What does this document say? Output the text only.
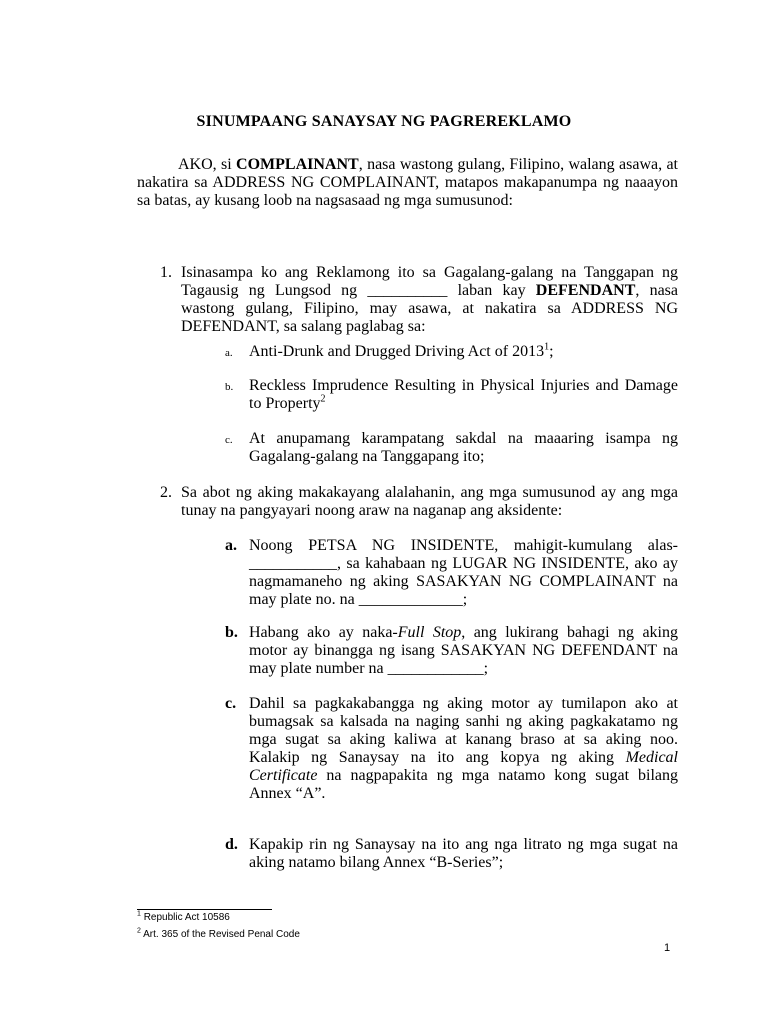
SINUMPAANG SANAYSAY NG PAGREREKLAMO

AKO, si COMPLAINANT, nasa wastong gulang, Filipino, walang asawa, at nakatira sa ADDRESS NG COMPLAINANT, matapos makapanumpa ng naaayon sa batas, ay kusang loob na nagsasaad ng mga sumusunod:

1. Isinasampa ko ang Reklamong ito sa Gagalang-galang na Tanggapan ng Tagausig ng Lungsod ng __________ laban kay DEFENDANT, nasa wastong gulang, Filipino, may asawa, at nakatira sa ADDRESS NG DEFENDANT, sa salang paglabag sa:
a. Anti-Drunk and Drugged Driving Act of 2013$^1$;
b. Reckless Imprudence Resulting in Physical Injuries and Damage to Property$^2$
c. At anupamang karampatang sakdal na maaaring isampa ng Gagalang-galang na Tanggapang ito;
2. Sa abot ng aking makakayang alalahanin, ang mga sumusunod ay ang mga tunay na pangyayari noong araw na naganap ang aksidente:
a. Noong PETSA NG INSIDENTE, mahigit-kumulang alas-___________, sa kahabaan ng LUGAR NG INSIDENTE, ako ay nagmamaneho ng aking SASAKYAN NG COMPLAINANT na may plate no. na _____________;
b. Habang ako ay naka-Full Stop, ang lukirang bahagi ng aking motor ay binangga ng isang SASAKYAN NG DEFENDANT na may plate number na ____________;
c. Dahil sa pagkakabangga ng aking motor ay tumilapon ako at bumagsak sa kalsada na naging sanhi ng aking pagkakatamo ng mga sugat sa aking kaliwa at kanang braso at sa aking noo. Kalakip ng Sanaysay na ito ang kopya ng aking Medical Certificate na nagpapakita ng mga natamo kong sugat bilang Annex “A”.
d. Kapakip rin ng Sanaysay na ito ang nga litrato ng mga sugat na aking natamo bilang Annex “B-Series”;
$^1$ Republic Act 10586
$^2$ Art. 365 of the Revised Penal Code
1
